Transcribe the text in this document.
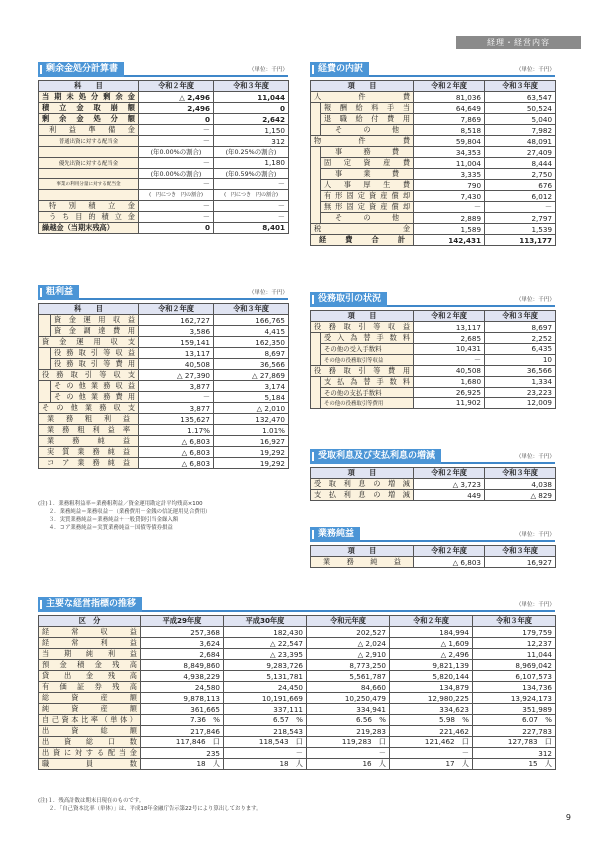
経理・経営内容
剰余金処分計算書	（単位：千円）
科　　目	令和２年度	令和３年度
当期未処分剰余金	△ 2,496	11,044
積立金取崩額	2,496	0
剰余金処分額	0	2,642
利益準備金	－	1,150
普通出資に対する配当金	－	312
	(年0.00%の割合)	(年0.25%の割合)
優先出資に対する配当金	－	1,180
	(年0.00%の割合)	(年0.59%の割合)
事業の利用分量に対する配当金	－	－
	(　円につき　円の割合)	(　円につき　円の割合)
特別積立金	－	－
うち目的積立金	－	－
繰越金（当期末残高）	0	8,401
経費の内訳	（単位：千円）
項　　目		令和２年度	令和３年度
人件費		81,036	63,547
	報酬給料手当	64,649	50,524
	退職給付費用	7,869	5,040
	その他	8,518	7,982
物件費		59,804	48,091
	事務費	34,353	27,409
	固定資産費	11,004	8,444
	事業費	3,335	2,750
	人事厚生費	790	676
	有形固定資産償却	7,430	6,012
	無形固定資産償却	－	－
	その他	2,889	2,797
税金		1,589	1,539
経費合計		142,431	113,177
粗利益	（単位：千円）
科　　目		令和２年度	令和３年度
	資金運用収益	162,727	166,765
	資金調達費用	3,586	4,415
資金運用収支		159,141	162,350
	役務取引等収益	13,117	8,697
	役務取引等費用	40,508	36,566
役務取引等収支		△ 27,390	△ 27,869
	その他業務収益	3,877	3,174
	その他業務費用	－	5,184
その他業務収支		3,877	△ 2,010
業務粗利益		135,627	132,470
業務粗利益率		1.17%	1.01%
業務純益		△ 6,803	16,927
実質業務純益		△ 6,803	19,292
コア業務純益		△ 6,803	19,292
(注)１．業務粗利益率＝業務粗利益／資金運用勘定計平均残高×100
　　２．業務純益＝業務収益－（業務費用－金銭の信託運用見合費用）
　　３．実質業務純益＝業務純益＋一般貸倒引当金繰入額
　　４．コア業務純益＝実質業務純益－国債等債券損益
役務取引の状況	（単位：千円）
項　　目		令和２年度	令和３年度
役務取引等収益		13,117	8,697
	受入為替手数料	2,685	2,252
	その他の受入手数料	10,431	6,435
	その他の役務取引等収益	－	10
役務取引等費用		40,508	36,566
	支払為替手数料	1,680	1,334
	その他の支払手数料	26,925	23,223
	その他の役務取引等費用	11,902	12,009
受取利息及び支払利息の増減	（単位：千円）
項　　目	令和２年度	令和３年度
受取利息の増減	△ 3,723	4,038
支払利息の増減	449	△ 829
業務純益	（単位：千円）
項　　目	令和２年度	令和３年度
業務純益	△ 6,803	16,927
主要な経営指標の推移	（単位：千円）
区　分	平成29年度	平成30年度	令和元年度	令和２年度	令和３年度
経常収益	257,368	182,430	202,527	184,994	179,759
経常利益	3,624	△ 22,547	△ 2,024	△ 1,609	12,237
当期純利益	2,684	△ 23,395	△ 2,910	△ 2,496	11,044
預金積金残高	8,849,860	9,283,726	8,773,250	9,821,139	8,969,042
貸出金残高	4,938,229	5,131,781	5,561,787	5,820,144	6,107,573
有価証券残高	24,580	24,450	84,660	134,879	134,736
総資産額	9,878,113	10,191,669	10,250,479	12,980,225	13,924,173
純資産額	361,665	337,111	334,941	334,623	351,989
自己資本比率（単体）	7.36　%	6.57　%	6.56　%	5.98　%	6.07　%
出資総額	217,846	218,543	219,283	221,462	227,783
出資総口数	117,846　口	118,543　口	119,283　口	121,462　口	127,783　口
出資に対する配当金	235	－	－	－	312
職員数	18　人	18　人	16　人	17　人	15　人
(注)１．残高計数は期末日現在のものです。
　　２．「自己資本比率（単体）」は、平成18年金融庁告示第22号により算出しております。
9
